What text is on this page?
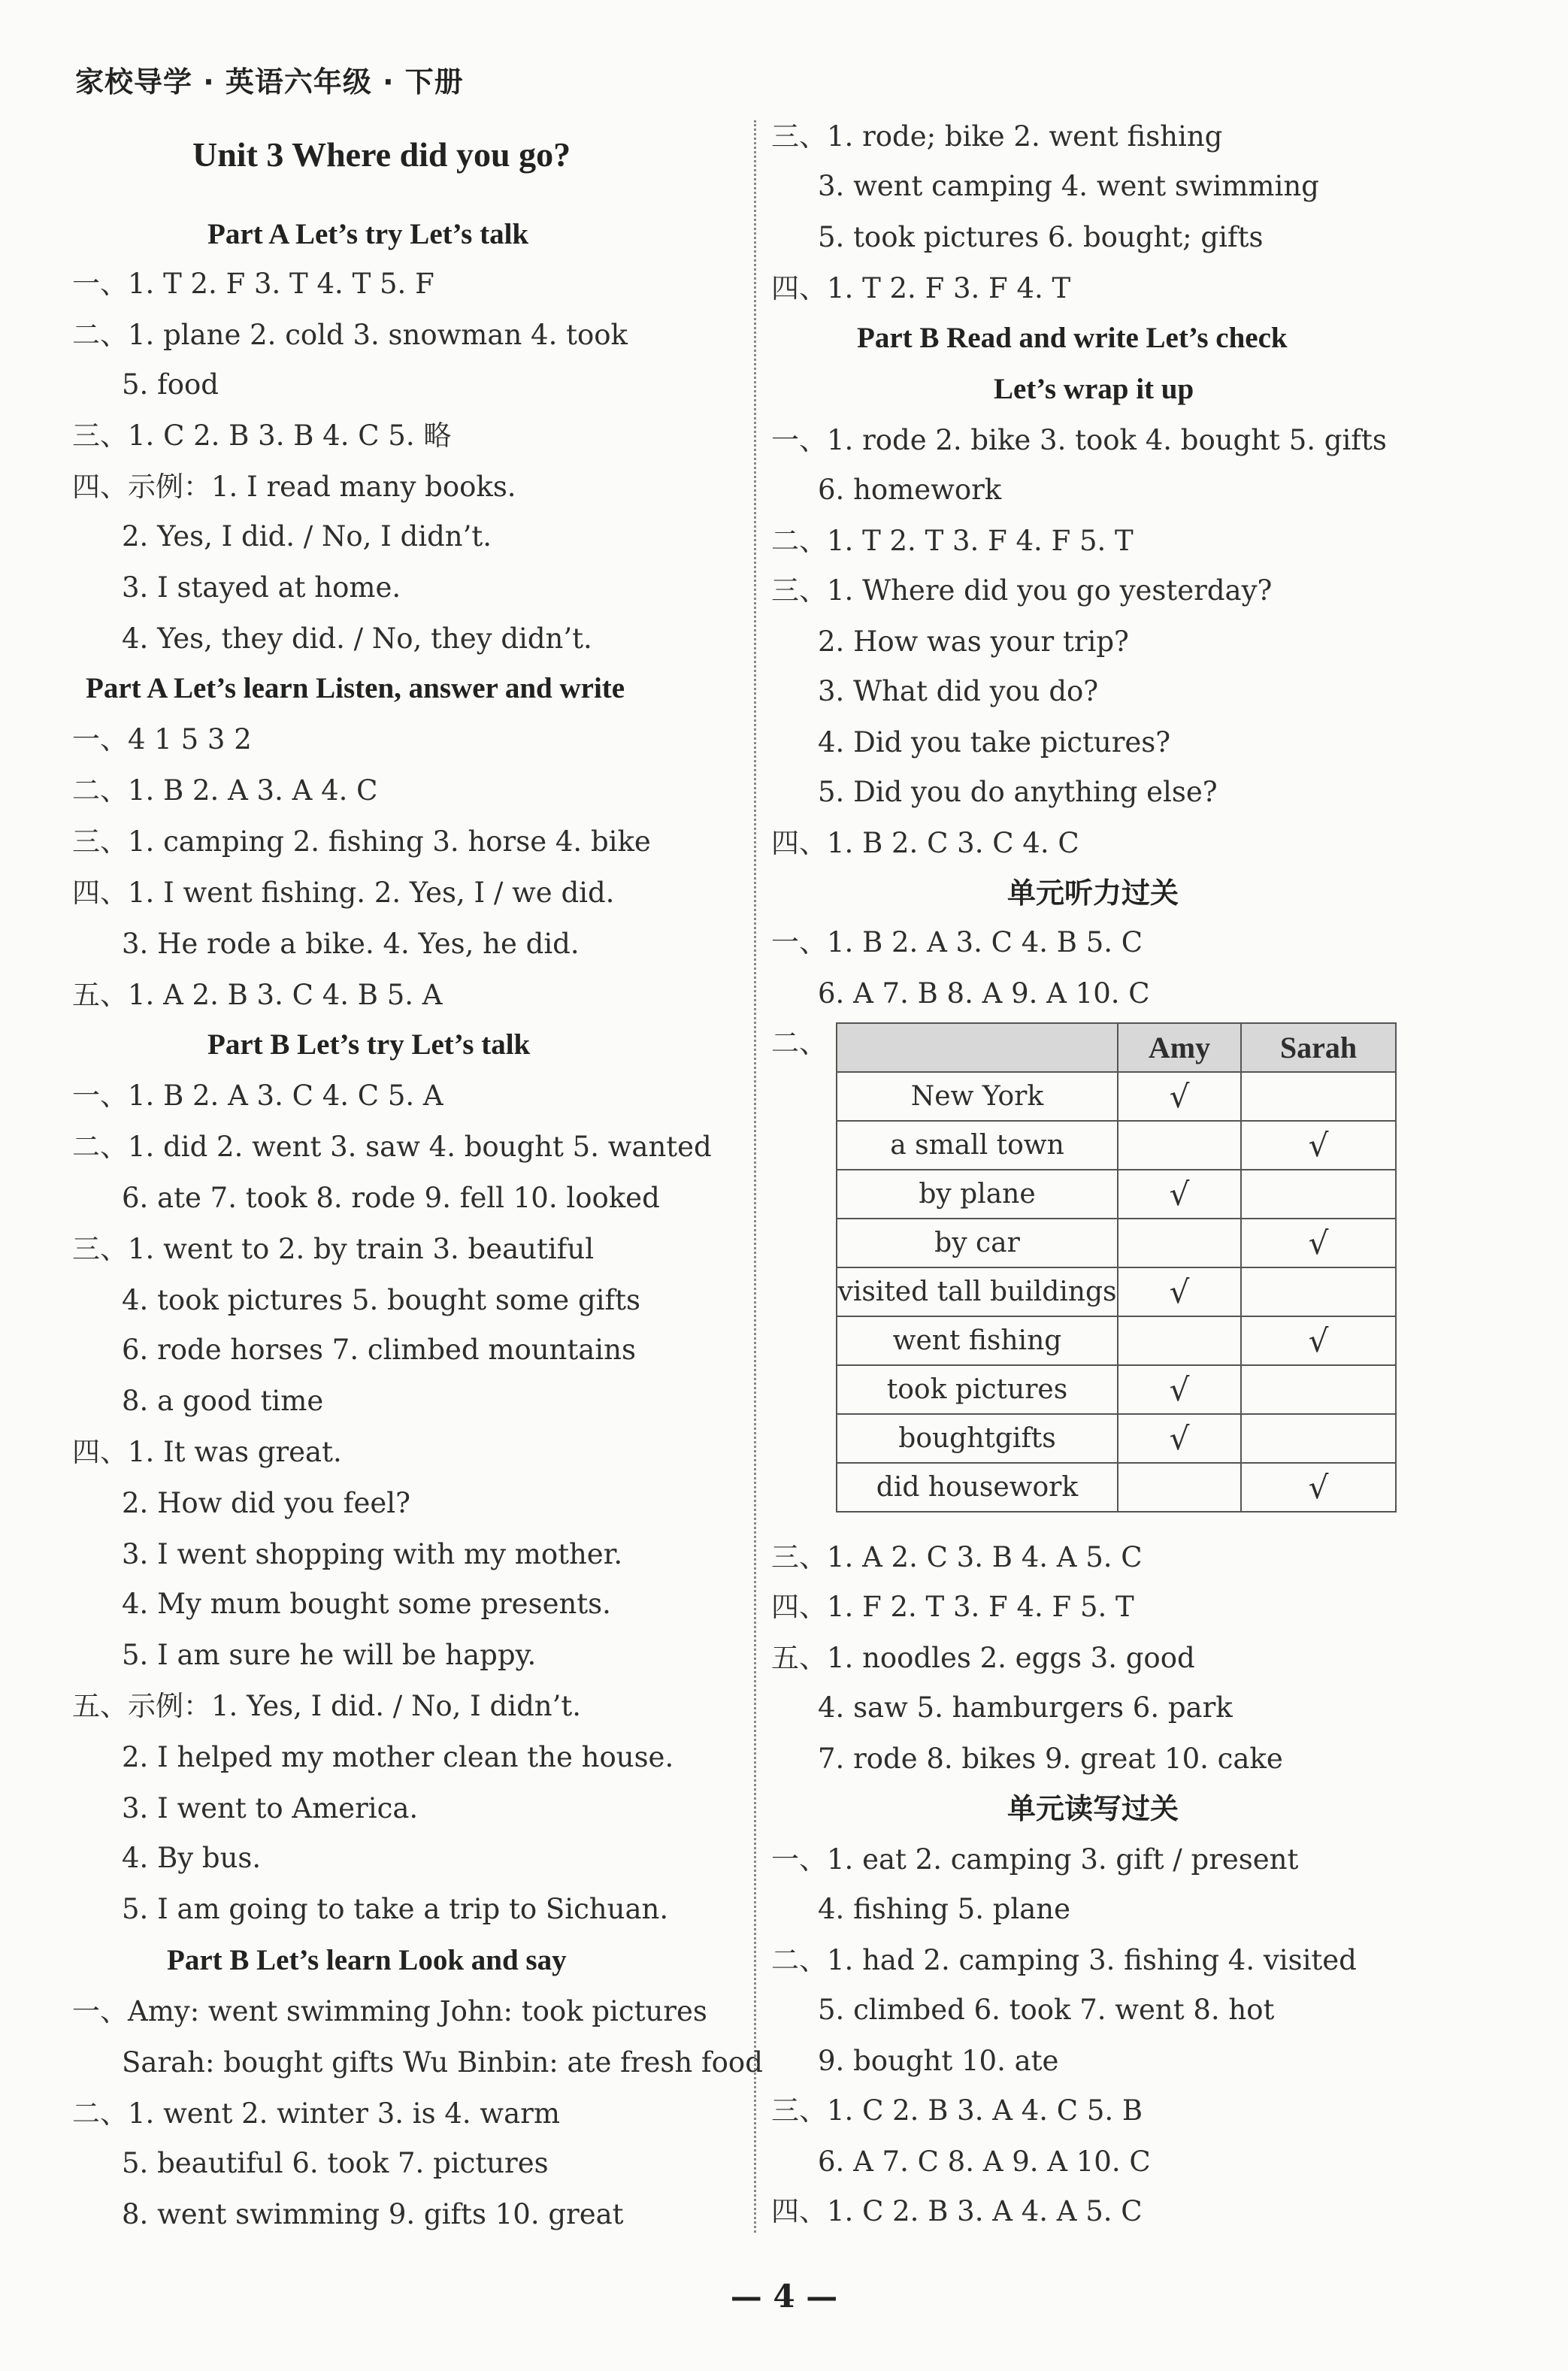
家校导学 · 英语六年级 · 下册
Unit 3 Where did you go?
Part A Let’s try Let’s talk
一、1. T 2. F 3. T 4. T 5. F
二、1. plane 2. cold 3. snowman 4. took
5. food
三、1. C 2. B 3. B 4. C 5. 略
四、示例：1. I read many books.
2. Yes, I did. / No, I didn’t.
3. I stayed at home.
4. Yes, they did. / No, they didn’t.
Part A Let’s learn Listen, answer and write
一、4 1 5 3 2
二、1. B 2. A 3. A 4. C
三、1. camping 2. fishing 3. horse 4. bike
四、1. I went fishing. 2. Yes, I / we did.
3. He rode a bike. 4. Yes, he did.
五、1. A 2. B 3. C 4. B 5. A
Part B Let’s try Let’s talk
一、1. B 2. A 3. C 4. C 5. A
二、1. did 2. went 3. saw 4. bought 5. wanted
6. ate 7. took 8. rode 9. fell 10. looked
三、1. went to 2. by train 3. beautiful
4. took pictures 5. bought some gifts
6. rode horses 7. climbed mountains
8. a good time
四、1. It was great.
2. How did you feel?
3. I went shopping with my mother.
4. My mum bought some presents.
5. I am sure he will be happy.
五、示例：1. Yes, I did. / No, I didn’t.
2. I helped my mother clean the house.
3. I went to America.
4. By bus.
5. I am going to take a trip to Sichuan.
Part B Let’s learn Look and say
一、Amy: went swimming John: took pictures
Sarah: bought gifts Wu Binbin: ate fresh food
二、1. went 2. winter 3. is 4. warm
5. beautiful 6. took 7. pictures
8. went swimming 9. gifts 10. great
三、1. rode; bike 2. went fishing
3. went camping 4. went swimming
5. took pictures 6. bought; gifts
四、1. T 2. F 3. F 4. T
Part B Read and write Let’s check
Let’s wrap it up
一、1. rode 2. bike 3. took 4. bought 5. gifts
6. homework
二、1. T 2. T 3. F 4. F 5. T
三、1. Where did you go yesterday?
2. How was your trip?
3. What did you do?
4. Did you take pictures?
5. Did you do anything else?
四、1. B 2. C 3. C 4. C
单元听力过关
一、1. B 2. A 3. C 4. B 5. C
6. A 7. B 8. A 9. A 10. C
二、
		Amy	Sarah
New York	√	
a small town		√
by plane	√	
by car		√
visited tall buildings	√	
went fishing		√
took pictures	√	
boughtgifts	√	
did housework		√
三、1. A 2. C 3. B 4. A 5. C
四、1. F 2. T 3. F 4. F 5. T
五、1. noodles 2. eggs 3. good
4. saw 5. hamburgers 6. park
7. rode 8. bikes 9. great 10. cake
单元读写过关
一、1. eat 2. camping 3. gift / present
4. fishing 5. plane
二、1. had 2. camping 3. fishing 4. visited
5. climbed 6. took 7. went 8. hot
9. bought 10. ate
三、1. C 2. B 3. A 4. C 5. B
6. A 7. C 8. A 9. A 10. C
四、1. C 2. B 3. A 4. A 5. C
— 4 —
